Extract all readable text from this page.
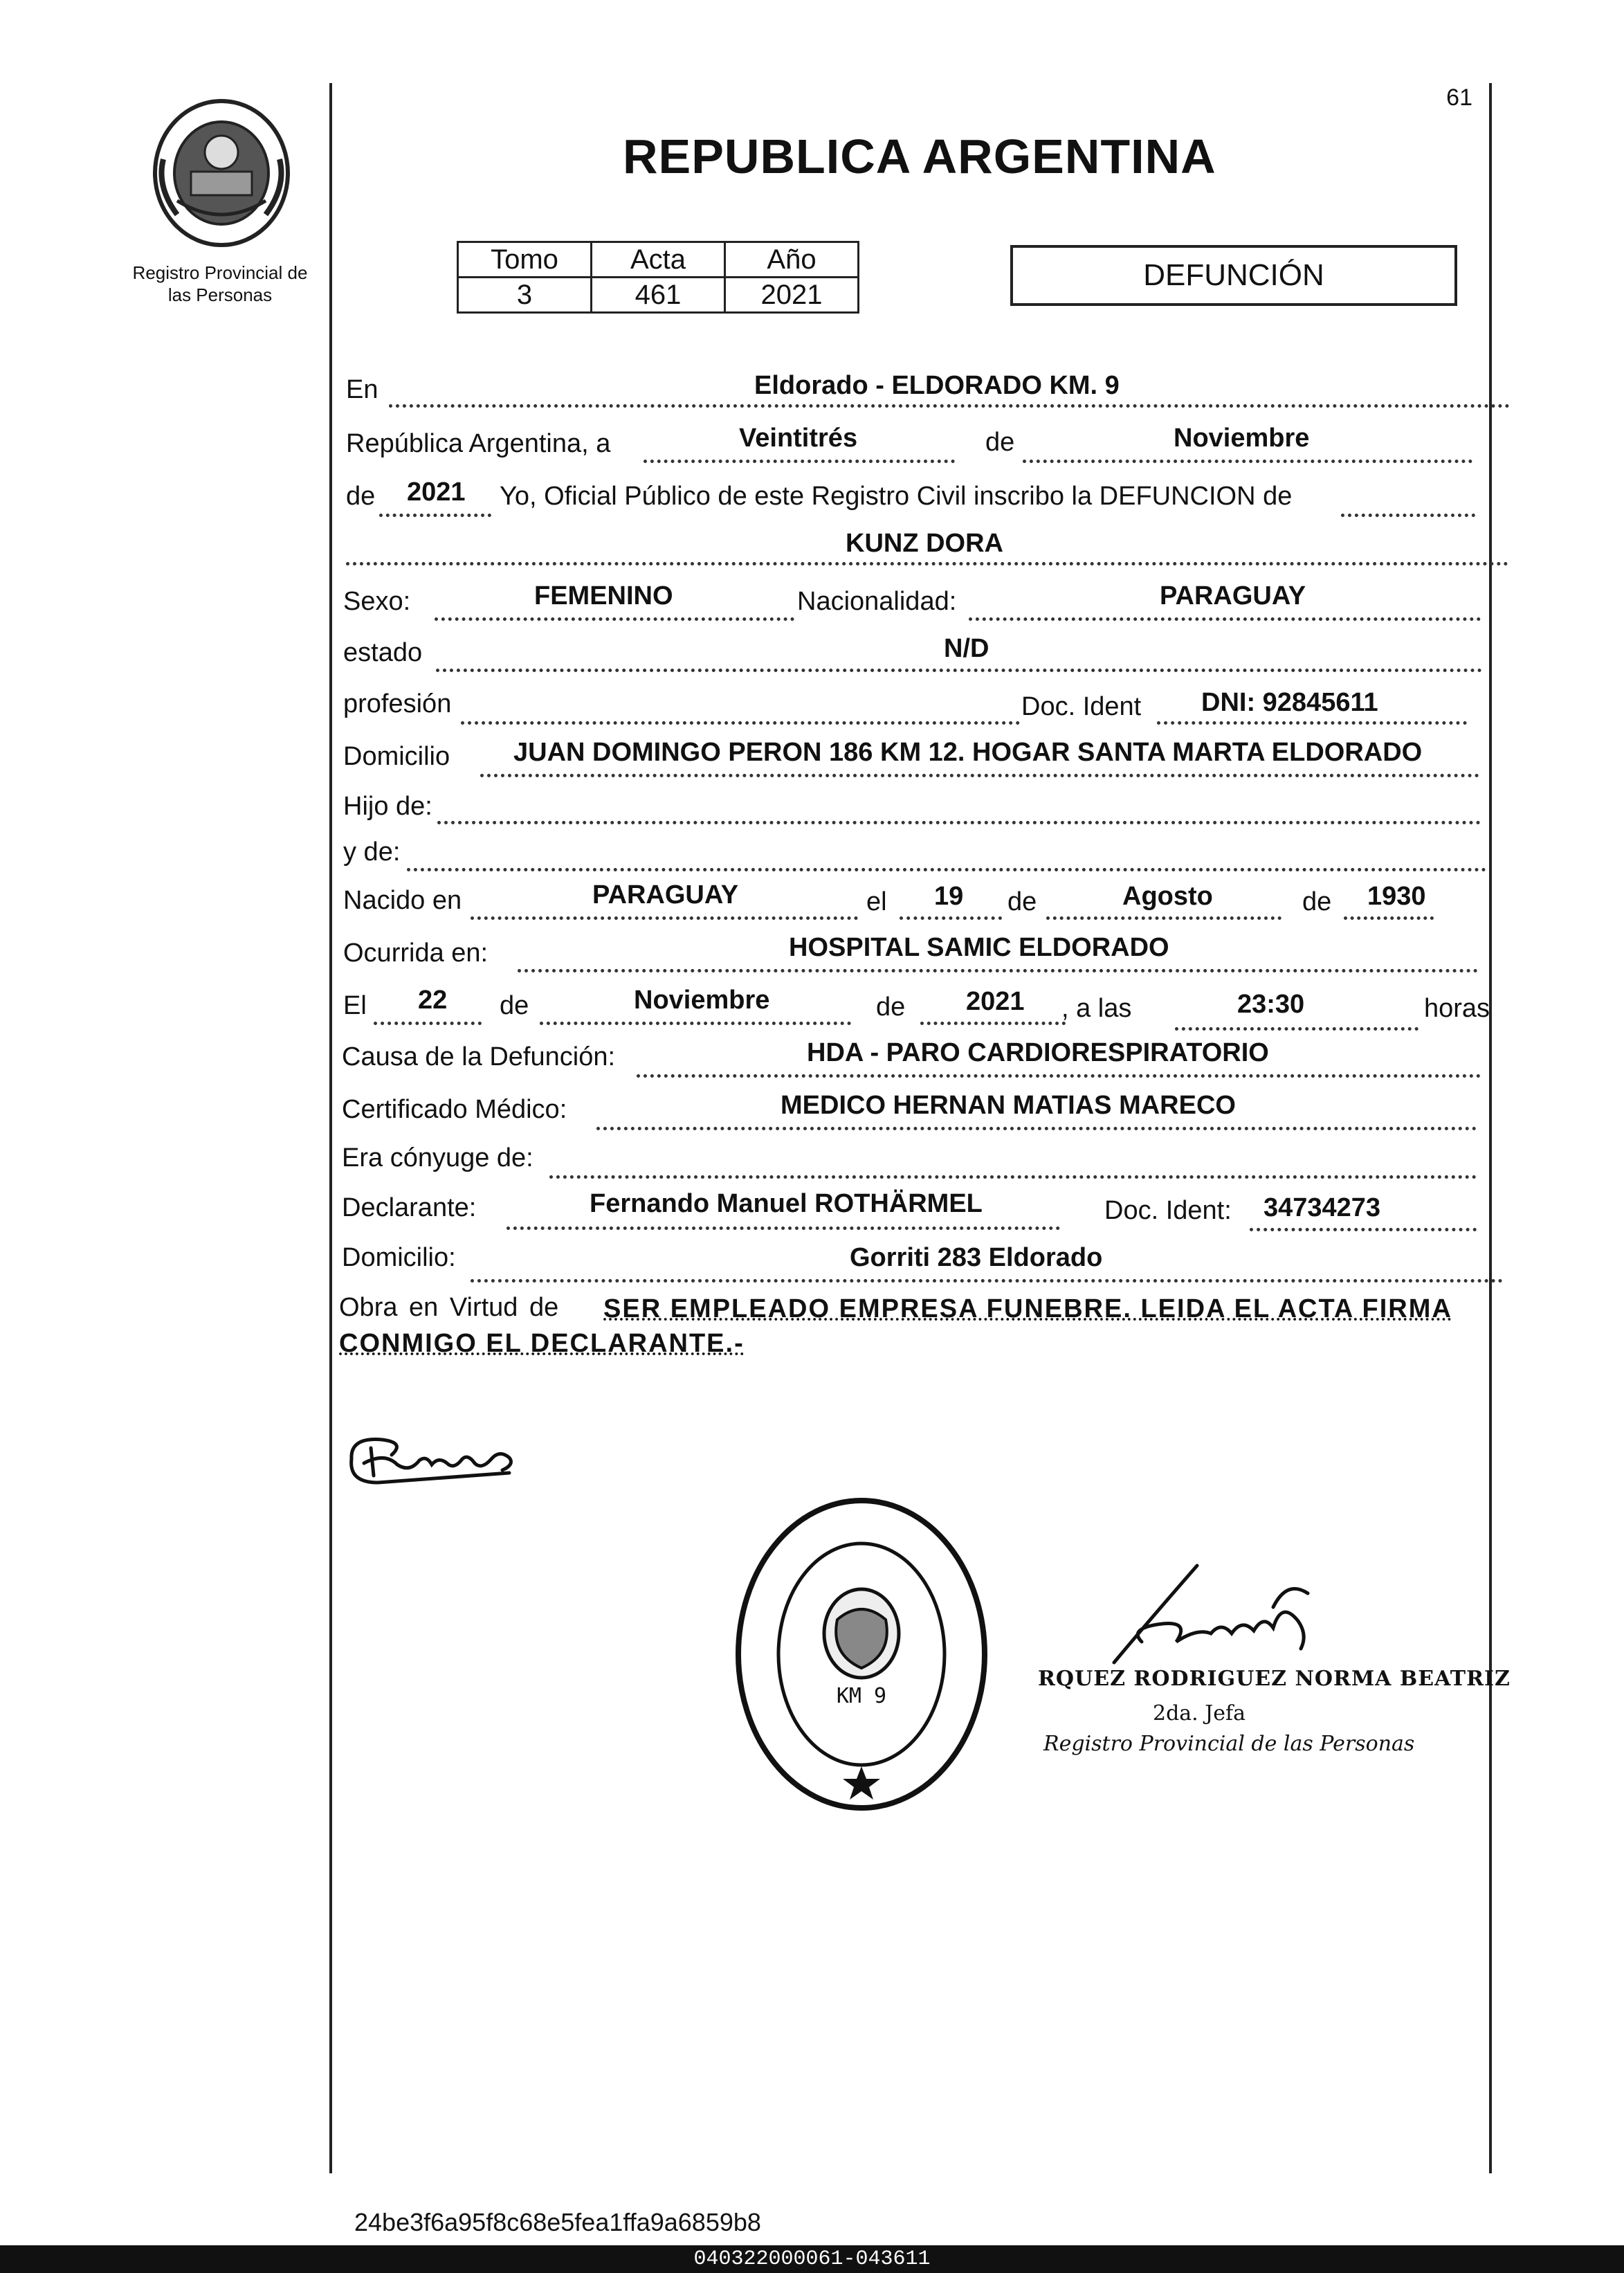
61
Registro Provincial de
las Personas
REPUBLICA ARGENTINA
Tomo	Acta	Año
3	461	2021
DEFUNCIÓN
En	Eldorado - ELDORADO KM. 9
República Argentina, a	Veintitrés	de	Noviembre
de 2021 Yo, Oficial Público de este Registro Civil inscribo la DEFUNCION de
KUNZ DORA
Sexo:	FEMENINO	Nacionalidad:	PARAGUAY
estado	N/D
profesión	Doc. Ident DNI: 92845611
Domicilio JUAN DOMINGO PERON 186 KM 12. HOGAR SANTA MARTA ELDORADO
Hijo de:
y de:
Nacido en	PARAGUAY	el 19 de	Agosto	de 1930
Ocurrida en:	HOSPITAL SAMIC ELDORADO
El 22 de	Noviembre	de 2021 , a las	23:30	horas
Causa de la Defunción:	HDA - PARO CARDIORESPIRATORIO
Certificado Médico:	MEDICO HERNAN MATIAS MARECO
Era cónyuge de:
Declarante:	Fernando Manuel ROTHÄRMEL	Doc. Ident: 34734273
Domicilio:	Gorriti 283 Eldorado
Obra en Virtud de SER EMPLEADO EMPRESA FUNEBRE. LEIDA EL ACTA FIRMA
CONMIGO EL DECLARANTE.-
KM 9
RQUEZ RODRIGUEZ NORMA BEATRIZ
2da. Jefa
Registro Provincial de las Personas
24be3f6a95f8c68e5fea1ffa9a6859b8
040322000061-043611
